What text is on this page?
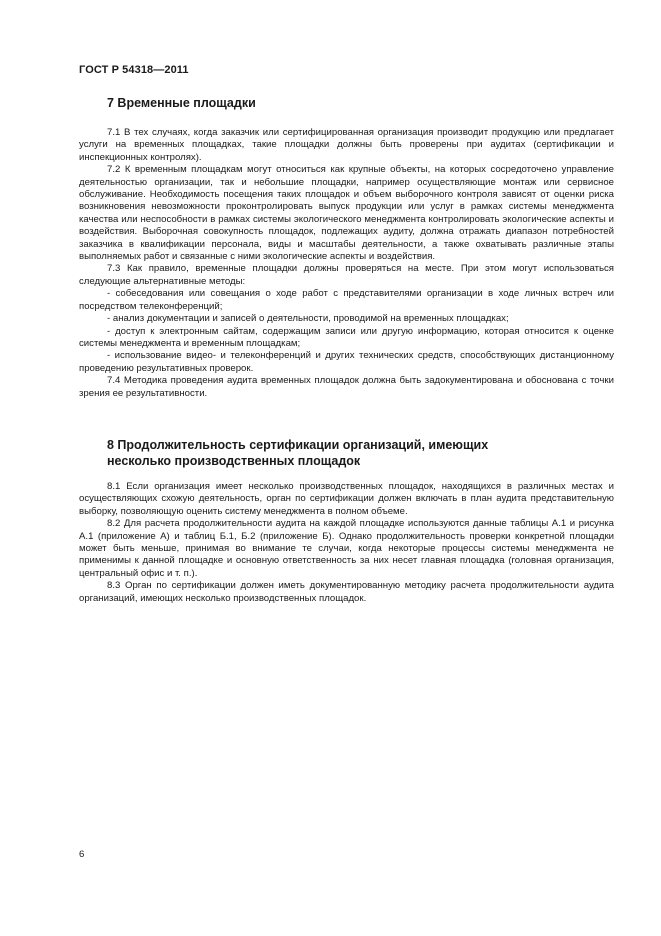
ГОСТ Р 54318—2011
7 Временные площадки

7.1 В тех случаях, когда заказчик или сертифицированная организация производит продукцию или предлагает услуги на временных площадках, такие площадки должны быть проверены при аудитах (сертификации и инспекционных контролях).

7.2 К временным площадкам могут относиться как крупные объекты, на которых сосредоточено управление деятельностью организации, так и небольшие площадки, например осуществляющие монтаж или сервисное обслуживание. Необходимость посещения таких площадок и объем выборочного контроля зависят от оценки риска возникновения невозможности проконтролировать выпуск продукции или услуг в рамках системы менеджмента качества или неспособности в рамках системы экологического менеджмента контролировать экологические аспекты и воздействия. Выборочная совокупность площадок, подлежащих аудиту, должна отражать диапазон потребностей заказчика в квалификации персонала, виды и масштабы деятельности, а также охватывать различные этапы выполняемых работ и связанные с ними экологические аспекты и воздействия.

7.3 Как правило, временные площадки должны проверяться на месте. При этом могут использоваться следующие альтернативные методы:

- собеседования или совещания о ходе работ с представителями организации в ходе личных встреч или посредством телеконференций;

- анализ документации и записей о деятельности, проводимой на временных площадках;

- доступ к электронным сайтам, содержащим записи или другую информацию, которая относится к оценке системы менеджмента и временным площадкам;

- использование видео- и телеконференций и других технических средств, способствующих дистанционному проведению результативных проверок.

7.4 Методика проведения аудита временных площадок должна быть задокументирована и обоснована с точки зрения ее результативности.

8 Продолжительность сертификации организаций, имеющих
несколько производственных площадок

8.1 Если организация имеет несколько производственных площадок, находящихся в различных местах и осуществляющих схожую деятельность, орган по сертификации должен включать в план аудита представительную выборку, позволяющую оценить систему менеджмента в полном объеме.

8.2 Для расчета продолжительности аудита на каждой площадке используются данные таблицы А.1 и рисунка А.1 (приложение А) и таблиц Б.1, Б.2 (приложение Б). Однако продолжительность проверки конкретной площадки может быть меньше, принимая во внимание те случаи, когда некоторые процессы системы менеджмента не применимы к данной площадке и основную ответственность за них несет главная площадка (головная организация, центральный офис и т. п.).

8.3 Орган по сертификации должен иметь документированную методику расчета продолжительности аудита организаций, имеющих несколько производственных площадок.

6
